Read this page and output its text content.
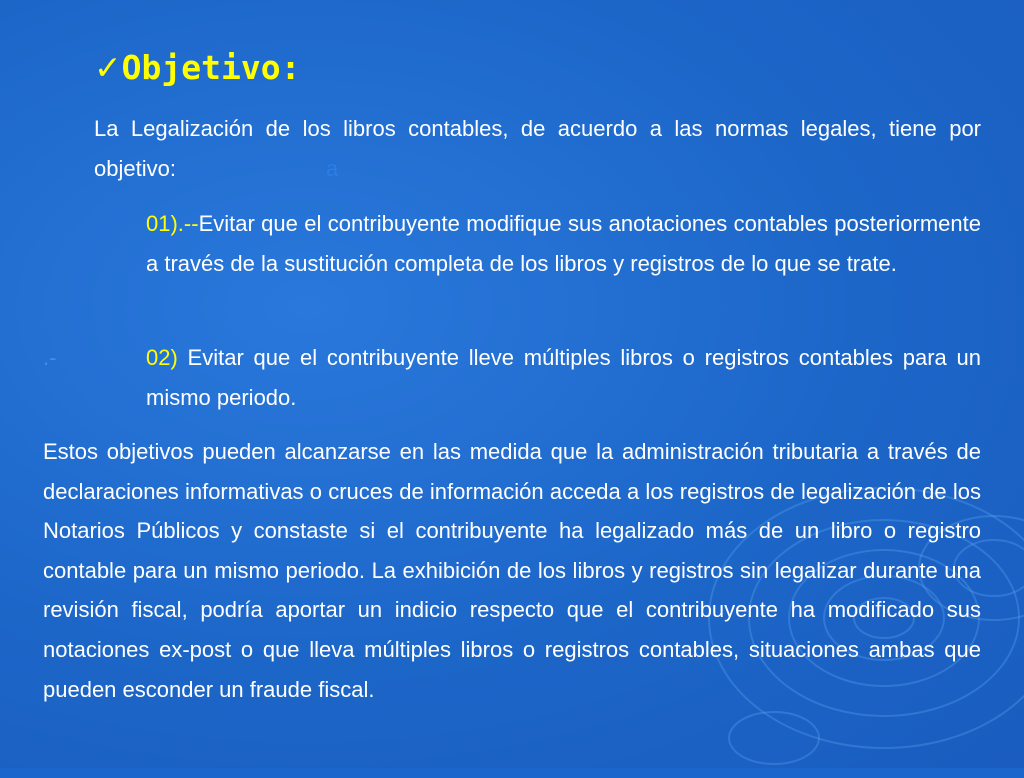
✓Objetivo:

La Legalización de los libros contables, de acuerdo a las normas legales, tiene por objetivo:	a

01).--Evitar que el contribuyente modifique sus anotaciones contables posteriormente a través de la sustitución completa de los libros y registros de lo que se trate.

.-	02) Evitar que el contribuyente lleve múltiples libros o registros contables para un mismo periodo.

Estos objetivos pueden alcanzarse en las medida que la administración tributaria a través de declaraciones informativas o cruces de información acceda a los registros de legalización de los Notarios Públicos y constaste si el contribuyente ha legalizado más de un libro o registro contable para un mismo periodo. La exhibición de los libros y registros sin legalizar durante una revisión fiscal, podría aportar un indicio respecto que el contribuyente ha modificado sus notaciones ex-post o que lleva múltiples libros o registros contables, situaciones ambas que pueden esconder un fraude fiscal.
